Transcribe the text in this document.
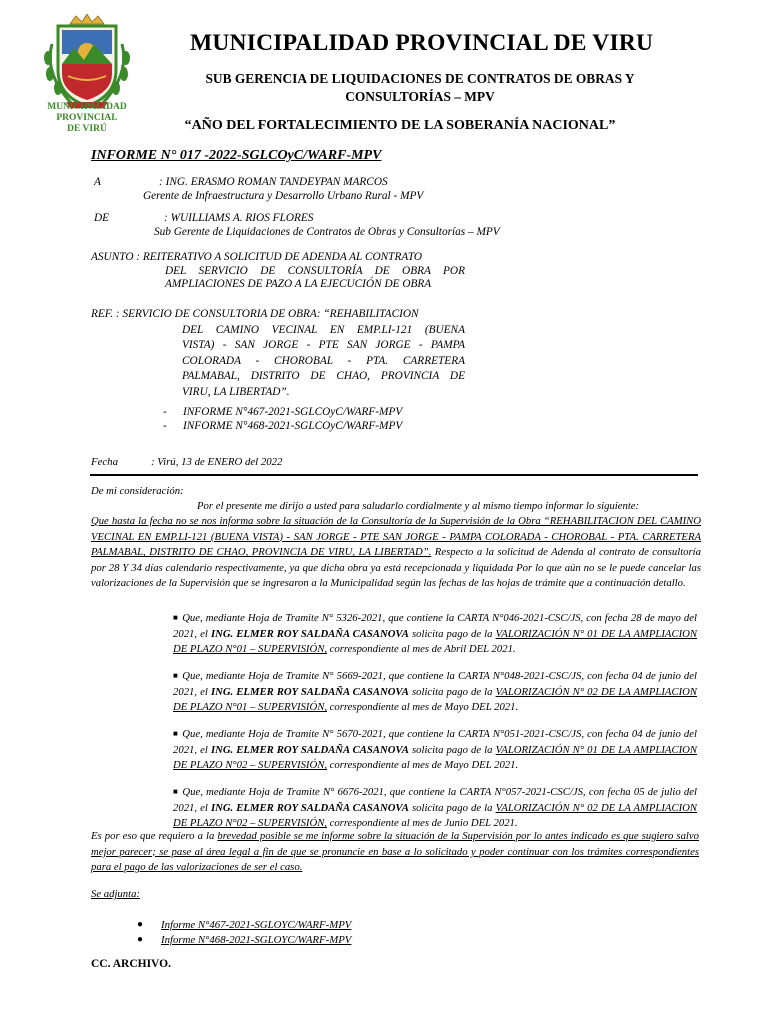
MUNICIPALIDAD PROVINCIAL
DE VIRÚ
MUNICIPALIDAD PROVINCIAL DE VIRU
SUB GERENCIA DE LIQUIDACIONES DE CONTRATOS DE OBRAS Y
CONSULTORÍAS – MPV
“AÑO DEL FORTALECIMIENTO DE LA SOBERANÍA NACIONAL”
INFORME N° 017 -2022-SGLCOyC/WARF-MPV
A	: ING. ERASMO ROMAN TANDEYPAN MARCOS
Gerente de Infraestructura y Desarrollo Urbano Rural - MPV
DE	: WUILLIAMS A. RIOS FLORES
Sub Gerente de Liquidaciones de Contratos de Obras y Consultorías – MPV
ASUNTO : REITERATIVO A SOLICITUD DE ADENDA AL CONTRATO
DEL SERVICIO DE CONSULTORÍA DE OBRA POR
AMPLIACIONES DE PAZO A LA EJECUCIÓN DE OBRA
REF. : SERVICIO DE CONSULTORIA DE OBRA: “REHABILITACION
DEL CAMINO VECINAL EN EMP.LI-121 (BUENA
VISTA) - SAN JORGE - PTE SAN JORGE - PAMPA
COLORADA - CHOROBAL - PTA. CARRETERA
PALMABAL, DISTRITO DE CHAO, PROVINCIA DE
VIRU, LA LIBERTAD”.
- INFORME N°467-2021-SGLCOyC/WARF-MPV
- INFORME N°468-2021-SGLCOyC/WARF-MPV
Fecha	: Virú, 13 de ENERO del 2022
De mi consideración:
Por el presente me dirijo a usted para saludarlo cordialmente y al mismo tiempo informar lo siguiente:
Que hasta la fecha no se nos informa sobre la situación de la Consultoría de la Supervisión de la Obra “REHABILITACION DEL CAMINO VECINAL EN EMP.LI-121 (BUENA VISTA) - SAN JORGE - PTE SAN JORGE - PAMPA COLORADA - CHOROBAL - PTA. CARRETERA PALMABAL, DISTRITO DE CHAO, PROVINCIA DE VIRU, LA LIBERTAD”. Respecto a la solicitud de Adenda al contrato de consultoría por 28 Y 34 días calendario respectivamente, ya que dicha obra ya está recepcionada y liquidada Por lo que aún no se le puede cancelar las valorizaciones de la Supervisión que se ingresaron a la Municipalidad según las fechas de las hojas de trámite que a continuación detallo.
■ Que, mediante Hoja de Tramite N° 5326-2021, que contiene la CARTA N°046-2021-CSC/JS, con fecha 28 de mayo del 2021, el ING. ELMER ROY SALDAÑA CASANOVA solicita pago de la VALORIZACIÓN N° 01 DE LA AMPLIACION DE PLAZO N°01 – SUPERVISIÓN, correspondiente al mes de Abril DEL 2021.
■ Que, mediante Hoja de Tramite N° 5669-2021, que contiene la CARTA N°048-2021-CSC/JS, con fecha 04 de junio del 2021, el ING. ELMER ROY SALDAÑA CASANOVA solicita pago de la VALORIZACIÓN N° 02 DE LA AMPLIACION DE PLAZO N°01 – SUPERVISIÓN, correspondiente al mes de Mayo DEL 2021.
■ Que, mediante Hoja de Tramite N° 5670-2021, que contiene la CARTA N°051-2021-CSC/JS, con fecha 04 de junio del 2021, el ING. ELMER ROY SALDAÑA CASANOVA solicita pago de la VALORIZACIÓN N° 01 DE LA AMPLIACION DE PLAZO N°02 – SUPERVISIÓN, correspondiente al mes de Mayo DEL 2021.
■ Que, mediante Hoja de Tramite N° 6676-2021, que contiene la CARTA N°057-2021-CSC/JS, con fecha 05 de julio del 2021, el ING. ELMER ROY SALDAÑA CASANOVA solicita pago de la VALORIZACIÓN N° 02 DE LA AMPLIACION DE PLAZO N°02 – SUPERVISIÓN, correspondiente al mes de Junio DEL 2021.
Es por eso que requiero a la brevedad posible se me informe sobre la situación de la Supervisión por lo antes indicado es que sugiero salvo mejor parecer; se pase al área legal a fin de que se pronuncie en base a lo solicitado y poder continuar con los trámites correspondientes para el pago de las valorizaciones de ser el caso.
Se adjunta:
● Informe N°467-2021-SGLOYC/WARF-MPV
● Informe N°468-2021-SGLOYC/WARF-MPV
CC. ARCHIVO.
